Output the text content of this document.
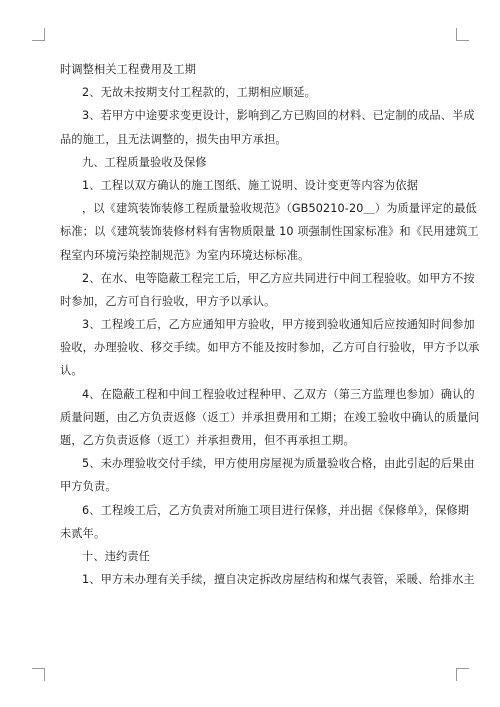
时调整相关工程费用及工期
2、无故未按期支付工程款的，工期相应顺延。
3、若甲方中途要求变更设计，影响到乙方已购回的材料、已定制的成品、半成
品的施工，且无法调整的，损失由甲方承担。
九、工程质量验收及保修
1、工程以双方确认的施工图纸、施工说明、设计变更等内容为依据
，以《建筑装饰装修工程质量验收规范》（GB50210-20＿）为质量评定的最低
标准；以《建筑装饰装修材料有害物质限量 10 项强制性国家标准》和《民用建筑工
程室内环境污染控制规范》为室内环境达标标准。
2、在水、电等隐蔽工程完工后，甲乙方应共同进行中间工程验收。如甲方不按
时参加，乙方可自行验收，甲方予以承认。
3、工程竣工后，乙方应通知甲方验收，甲方接到验收通知后应按通知时间参加
验收，办理验收、移交手续。如甲方不能及按时参加，乙方可自行验收，甲方予以承
认。
4、在隐蔽工程和中间工程验收过程种甲、乙双方（第三方监理也参加）确认的
质量问题，由乙方负责返修（返工）并承担费用和工期；在竣工验收中确认的质量问
题，乙方负责返修（返工）并承担费用，但不再承担工期。
5、未办理验收交付手续，甲方使用房屋视为质量验收合格，由此引起的后果由
甲方负责。
6、工程竣工后，乙方负责对所施工项目进行保修，并出据《保修单》，保修期
未贰年。
十、违约责任
1、甲方未办理有关手续，擅自决定拆改房屋结构和煤气表管，采暖、给排水主
